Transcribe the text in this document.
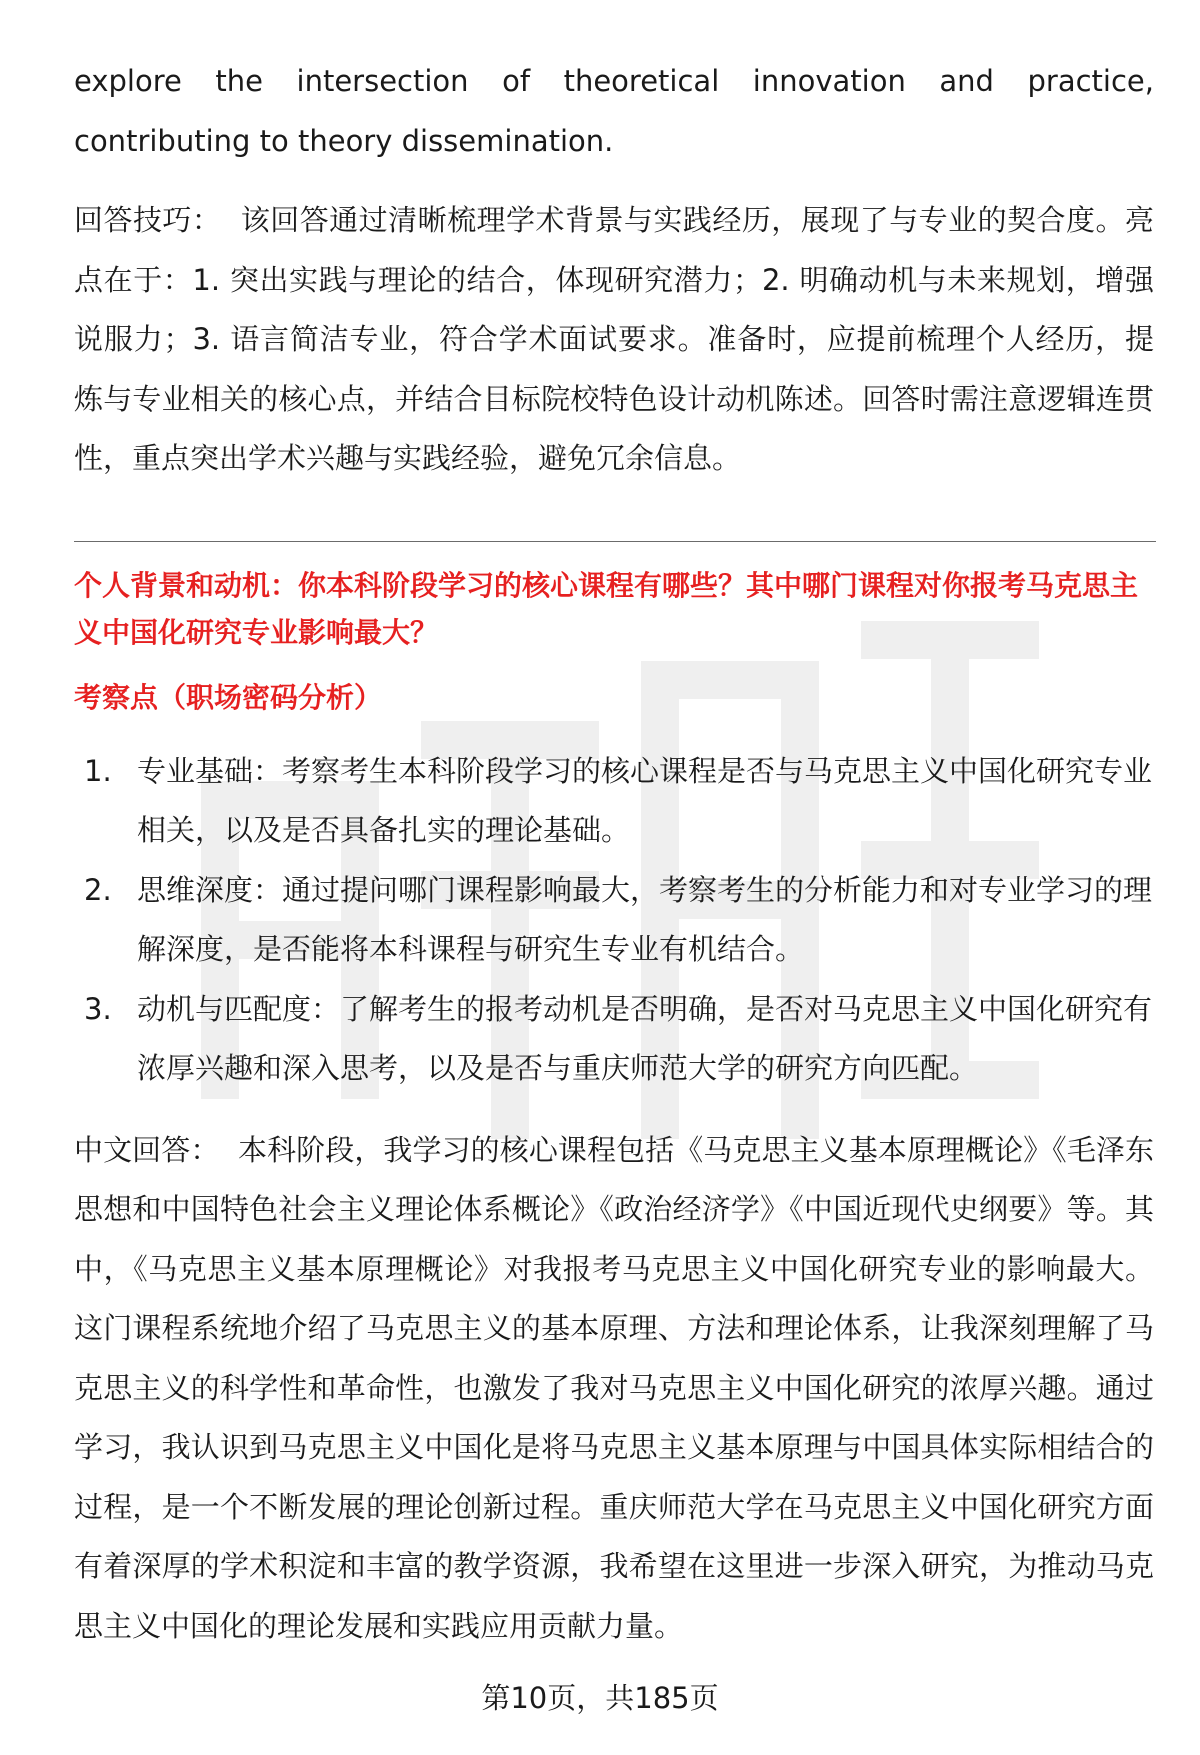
explore the intersection of theoretical innovation and practice, contributing to theory dissemination.

回答技巧： 该回答通过清晰梳理学术背景与实践经历，展现了与专业的契合度。亮点在于：1. 突出实践与理论的结合，体现研究潜力；2. 明确动机与未来规划，增强说服力；3. 语言简洁专业，符合学术面试要求。准备时，应提前梳理个人经历，提炼与专业相关的核心点，并结合目标院校特色设计动机陈述。回答时需注意逻辑连贯性，重点突出学术兴趣与实践经验，避免冗余信息。

个人背景和动机：你本科阶段学习的核心课程有哪些？其中哪门课程对你报考马克思主义中国化研究专业影响最大？

考察点（职场密码分析）

1. 专业基础：考察考生本科阶段学习的核心课程是否与马克思主义中国化研究专业相关，以及是否具备扎实的理论基础。
2. 思维深度：通过提问哪门课程影响最大，考察考生的分析能力和对专业学习的理解深度，是否能将本科课程与研究生专业有机结合。
3. 动机与匹配度：了解考生的报考动机是否明确，是否对马克思主义中国化研究有浓厚兴趣和深入思考，以及是否与重庆师范大学的研究方向匹配。

中文回答： 本科阶段，我学习的核心课程包括《马克思主义基本原理概论》《毛泽东思想和中国特色社会主义理论体系概论》《政治经济学》《中国近现代史纲要》等。其中，《马克思主义基本原理概论》对我报考马克思主义中国化研究专业的影响最大。这门课程系统地介绍了马克思主义的基本原理、方法和理论体系，让我深刻理解了马克思主义的科学性和革命性，也激发了我对马克思主义中国化研究的浓厚兴趣。通过学习，我认识到马克思主义中国化是将马克思主义基本原理与中国具体实际相结合的过程，是一个不断发展的理论创新过程。重庆师范大学在马克思主义中国化研究方面有着深厚的学术积淀和丰富的教学资源，我希望在这里进一步深入研究，为推动马克思主义中国化的理论发展和实践应用贡献力量。

第10页，共185页
